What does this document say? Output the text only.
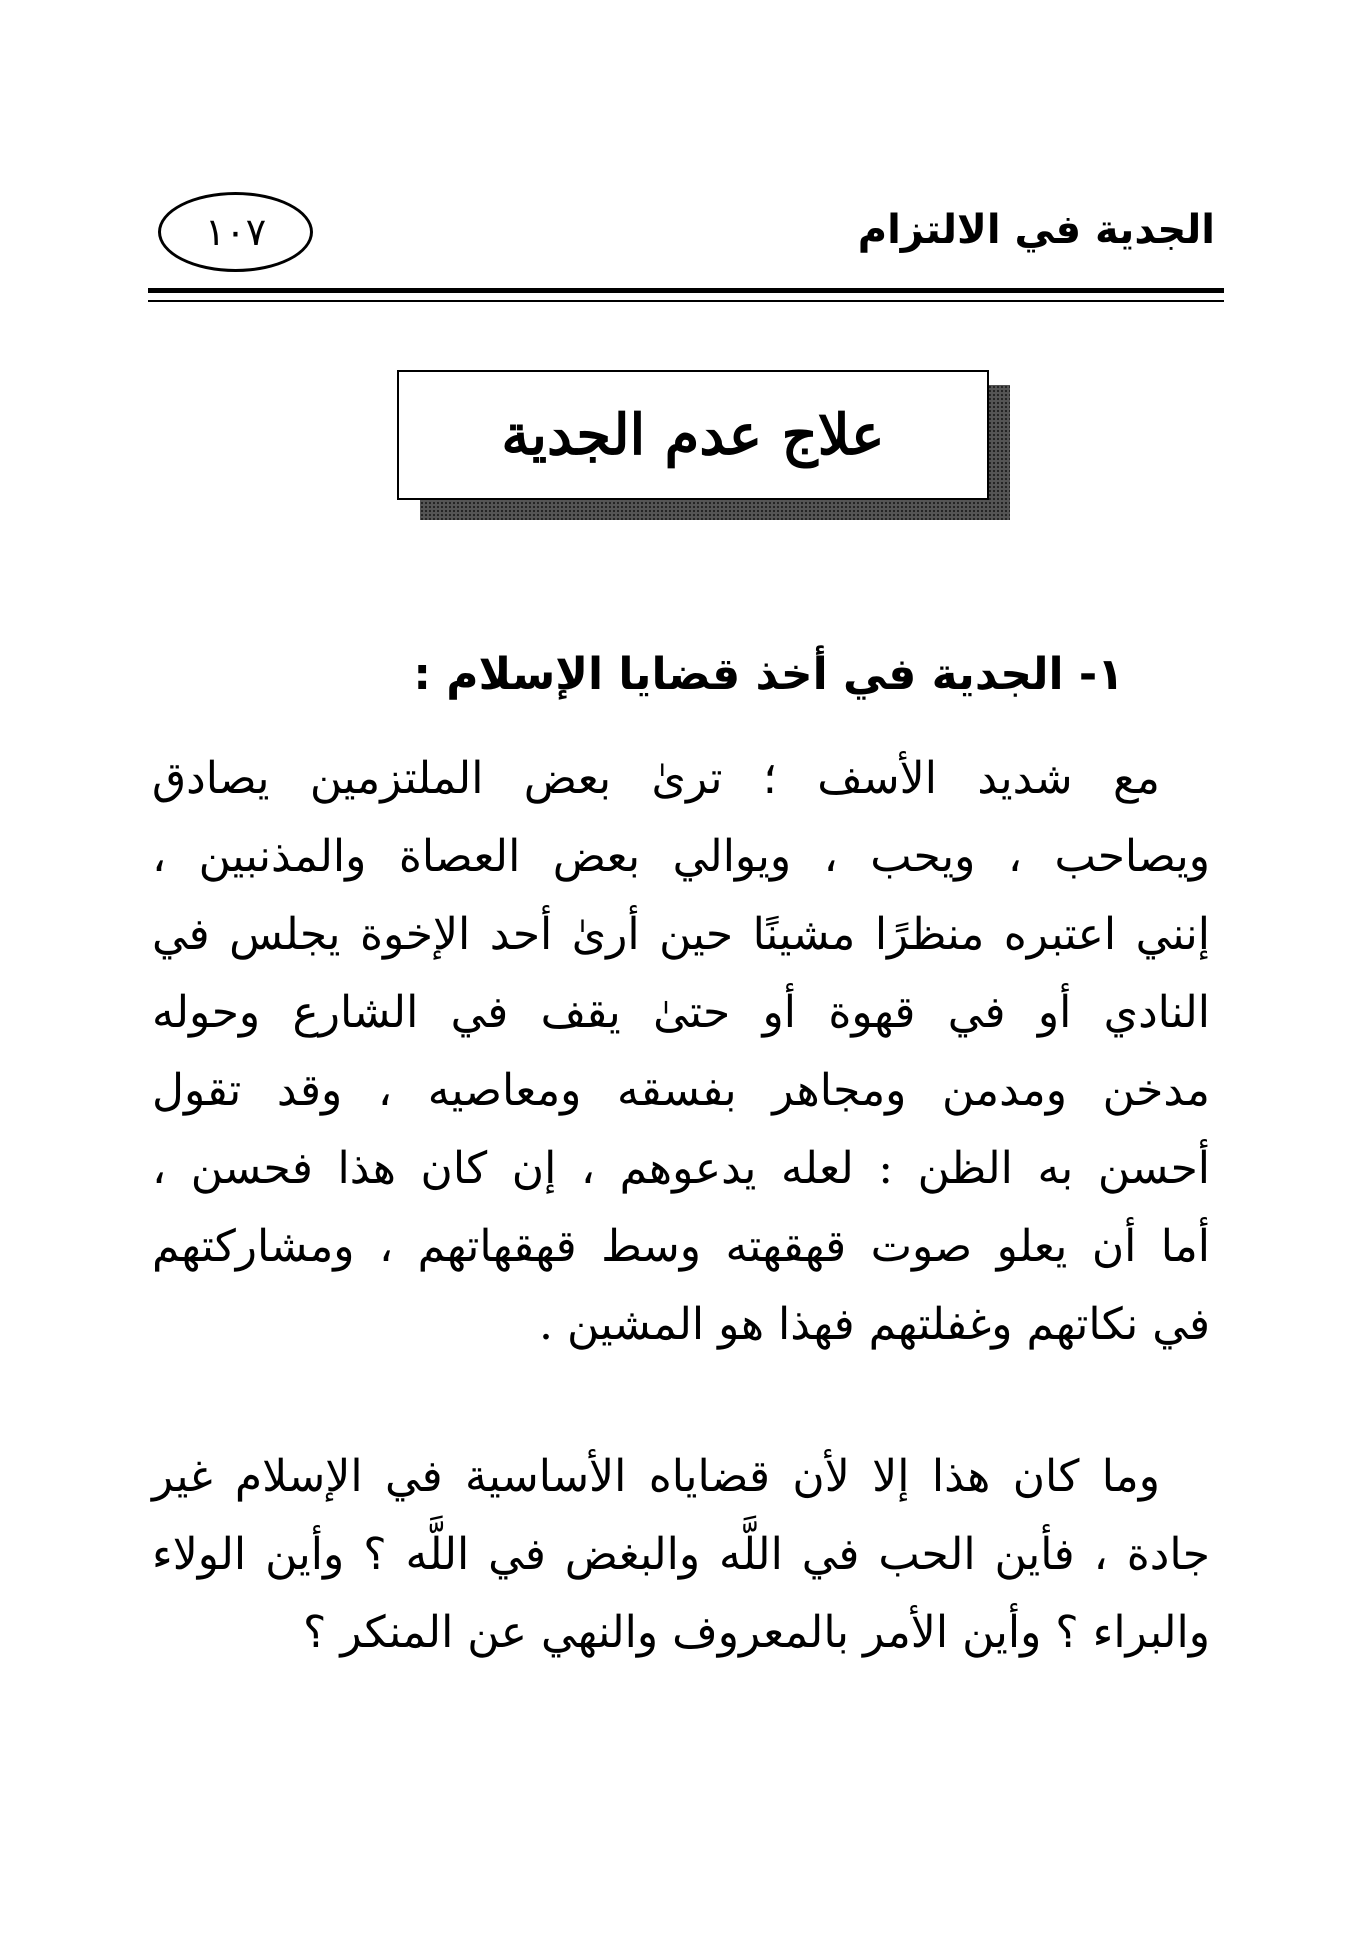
الجدية في الالتزام
١٠٧
علاج عدم الجدية
١- الجدية في أخذ قضايا الإسلام :
مع شديد الأسف ؛ ترىٰ بعض الملتزمين يصادق
ويصاحب ، ويحب ، ويوالي بعض العصاة والمذنبين ،
إنني اعتبره منظرًا مشينًا حين أرىٰ أحد الإخوة يجلس في
النادي أو في قهوة أو حتىٰ يقف في الشارع وحوله
مدخن ومدمن ومجاهر بفسقه ومعاصيه ، وقد تقول
أحسن به الظن : لعله يدعوهم ، إن كان هذا فحسن ،
أما أن يعلو صوت قهقهته وسط قهقهاتهم ، ومشاركتهم
في نكاتهم وغفلتهم فهذا هو المشين .
وما كان هذا إلا لأن قضاياه الأساسية في الإسلام غير
جادة ، فأين الحب في اللَّه والبغض في اللَّه ؟ وأين الولاء
والبراء ؟ وأين الأمر بالمعروف والنهي عن المنكر ؟
